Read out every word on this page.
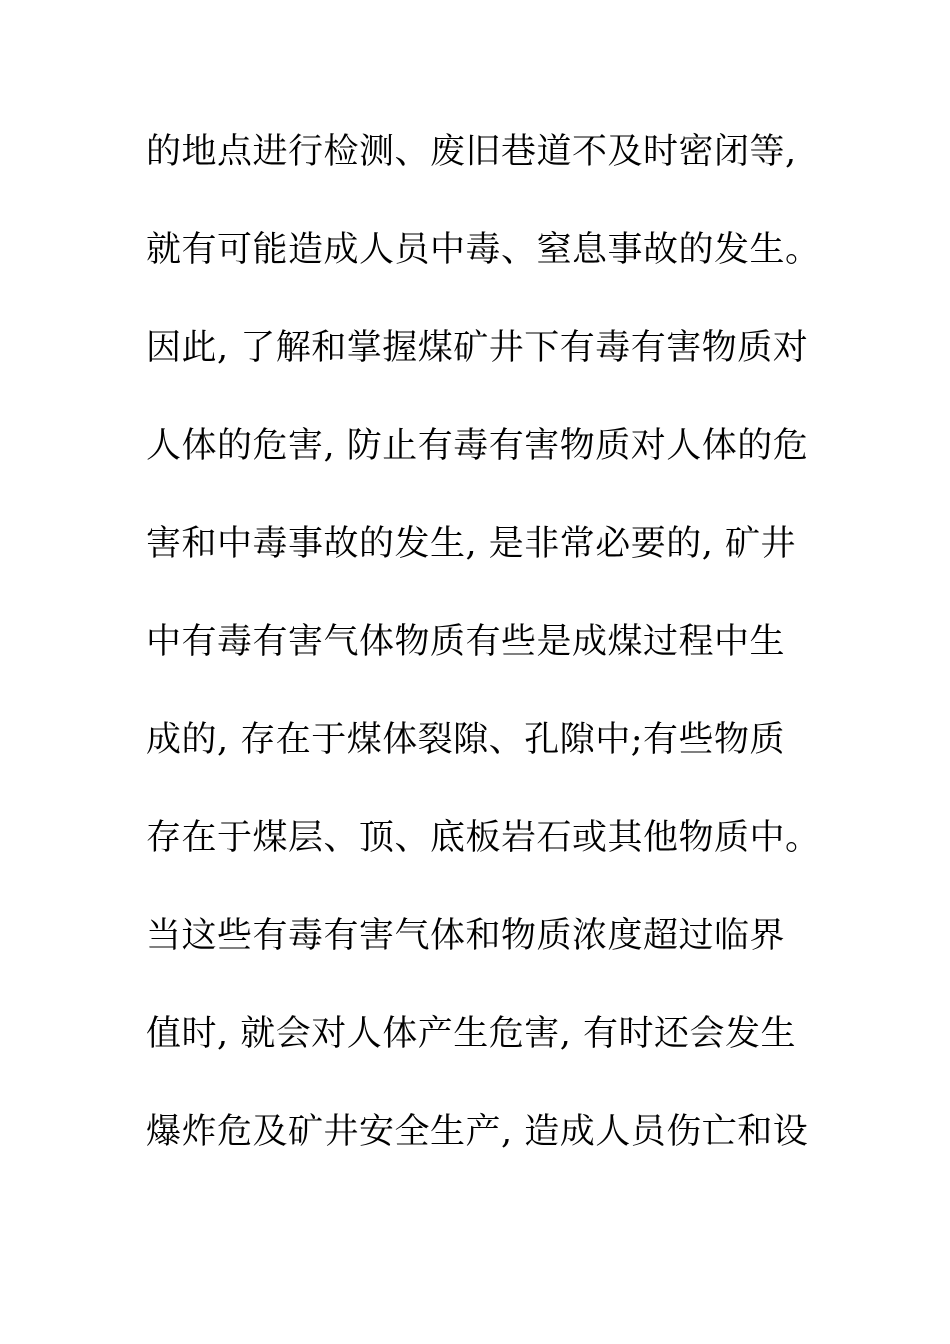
的地点进行检测、废旧巷道不及时密闭等,
就有可能造成人员中毒、窒息事故的发生。
因此, 了解和掌握煤矿井下有毒有害物质对
人体的危害, 防止有毒有害物质对人体的危
害和中毒事故的发生, 是非常必要的, 矿井
中有毒有害气体物质有些是成煤过程中生
成的, 存在于煤体裂隙、孔隙中;有些物质
存在于煤层、顶、底板岩石或其他物质中。
当这些有毒有害气体和物质浓度超过临界
值时, 就会对人体产生危害, 有时还会发生
爆炸危及矿井安全生产, 造成人员伤亡和设
